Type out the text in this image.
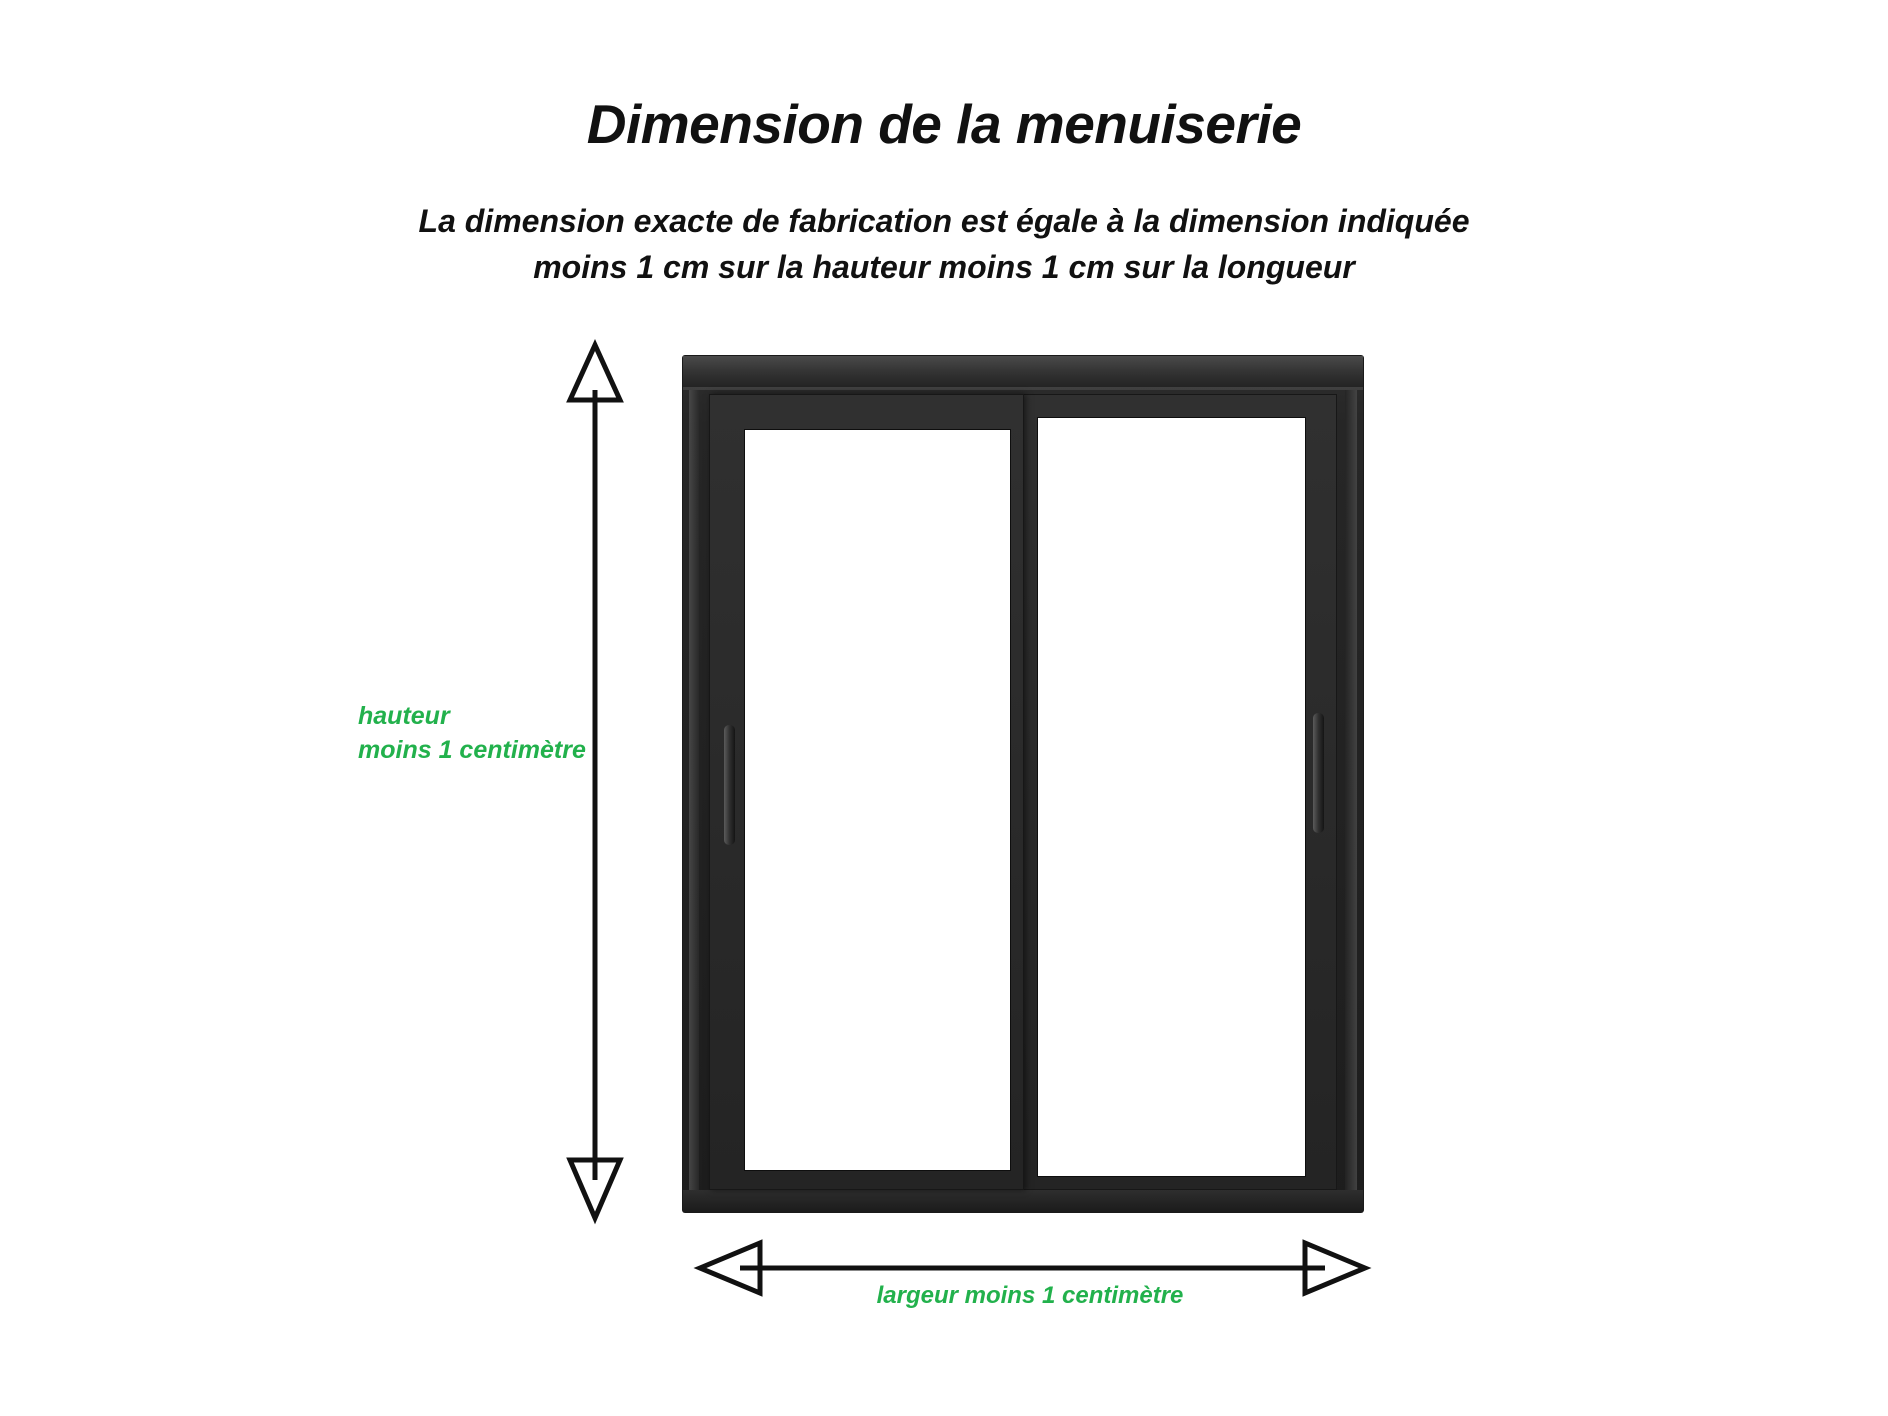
Dimension de la menuiserie
La dimension exacte de fabrication est égale à la dimension indiquée
moins 1 cm sur la hauteur moins 1 cm sur la longueur
hauteur
moins 1 centimètre
largeur moins 1 centimètre
